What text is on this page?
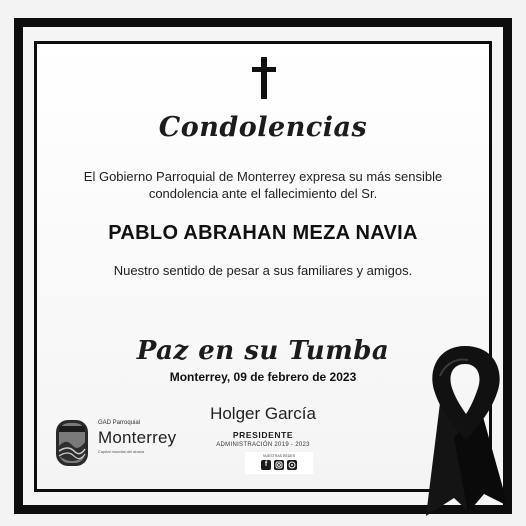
Condolencias
El Gobierno Parroquial de Monterrey expresa su más sensible condolencia ante el fallecimiento del Sr.
PABLO ABRAHAN MEZA NAVIA
Nuestro sentido de pesar a sus familiares y amigos.
Paz en su Tumba
Monterrey, 09 de febrero de 2023
Holger García
PRESIDENTE
ADMINISTRACIÓN 2019 - 2023
NUESTRAS REDES
f
GAD Parroquial
Monterrey
Capital mundial del abacá
